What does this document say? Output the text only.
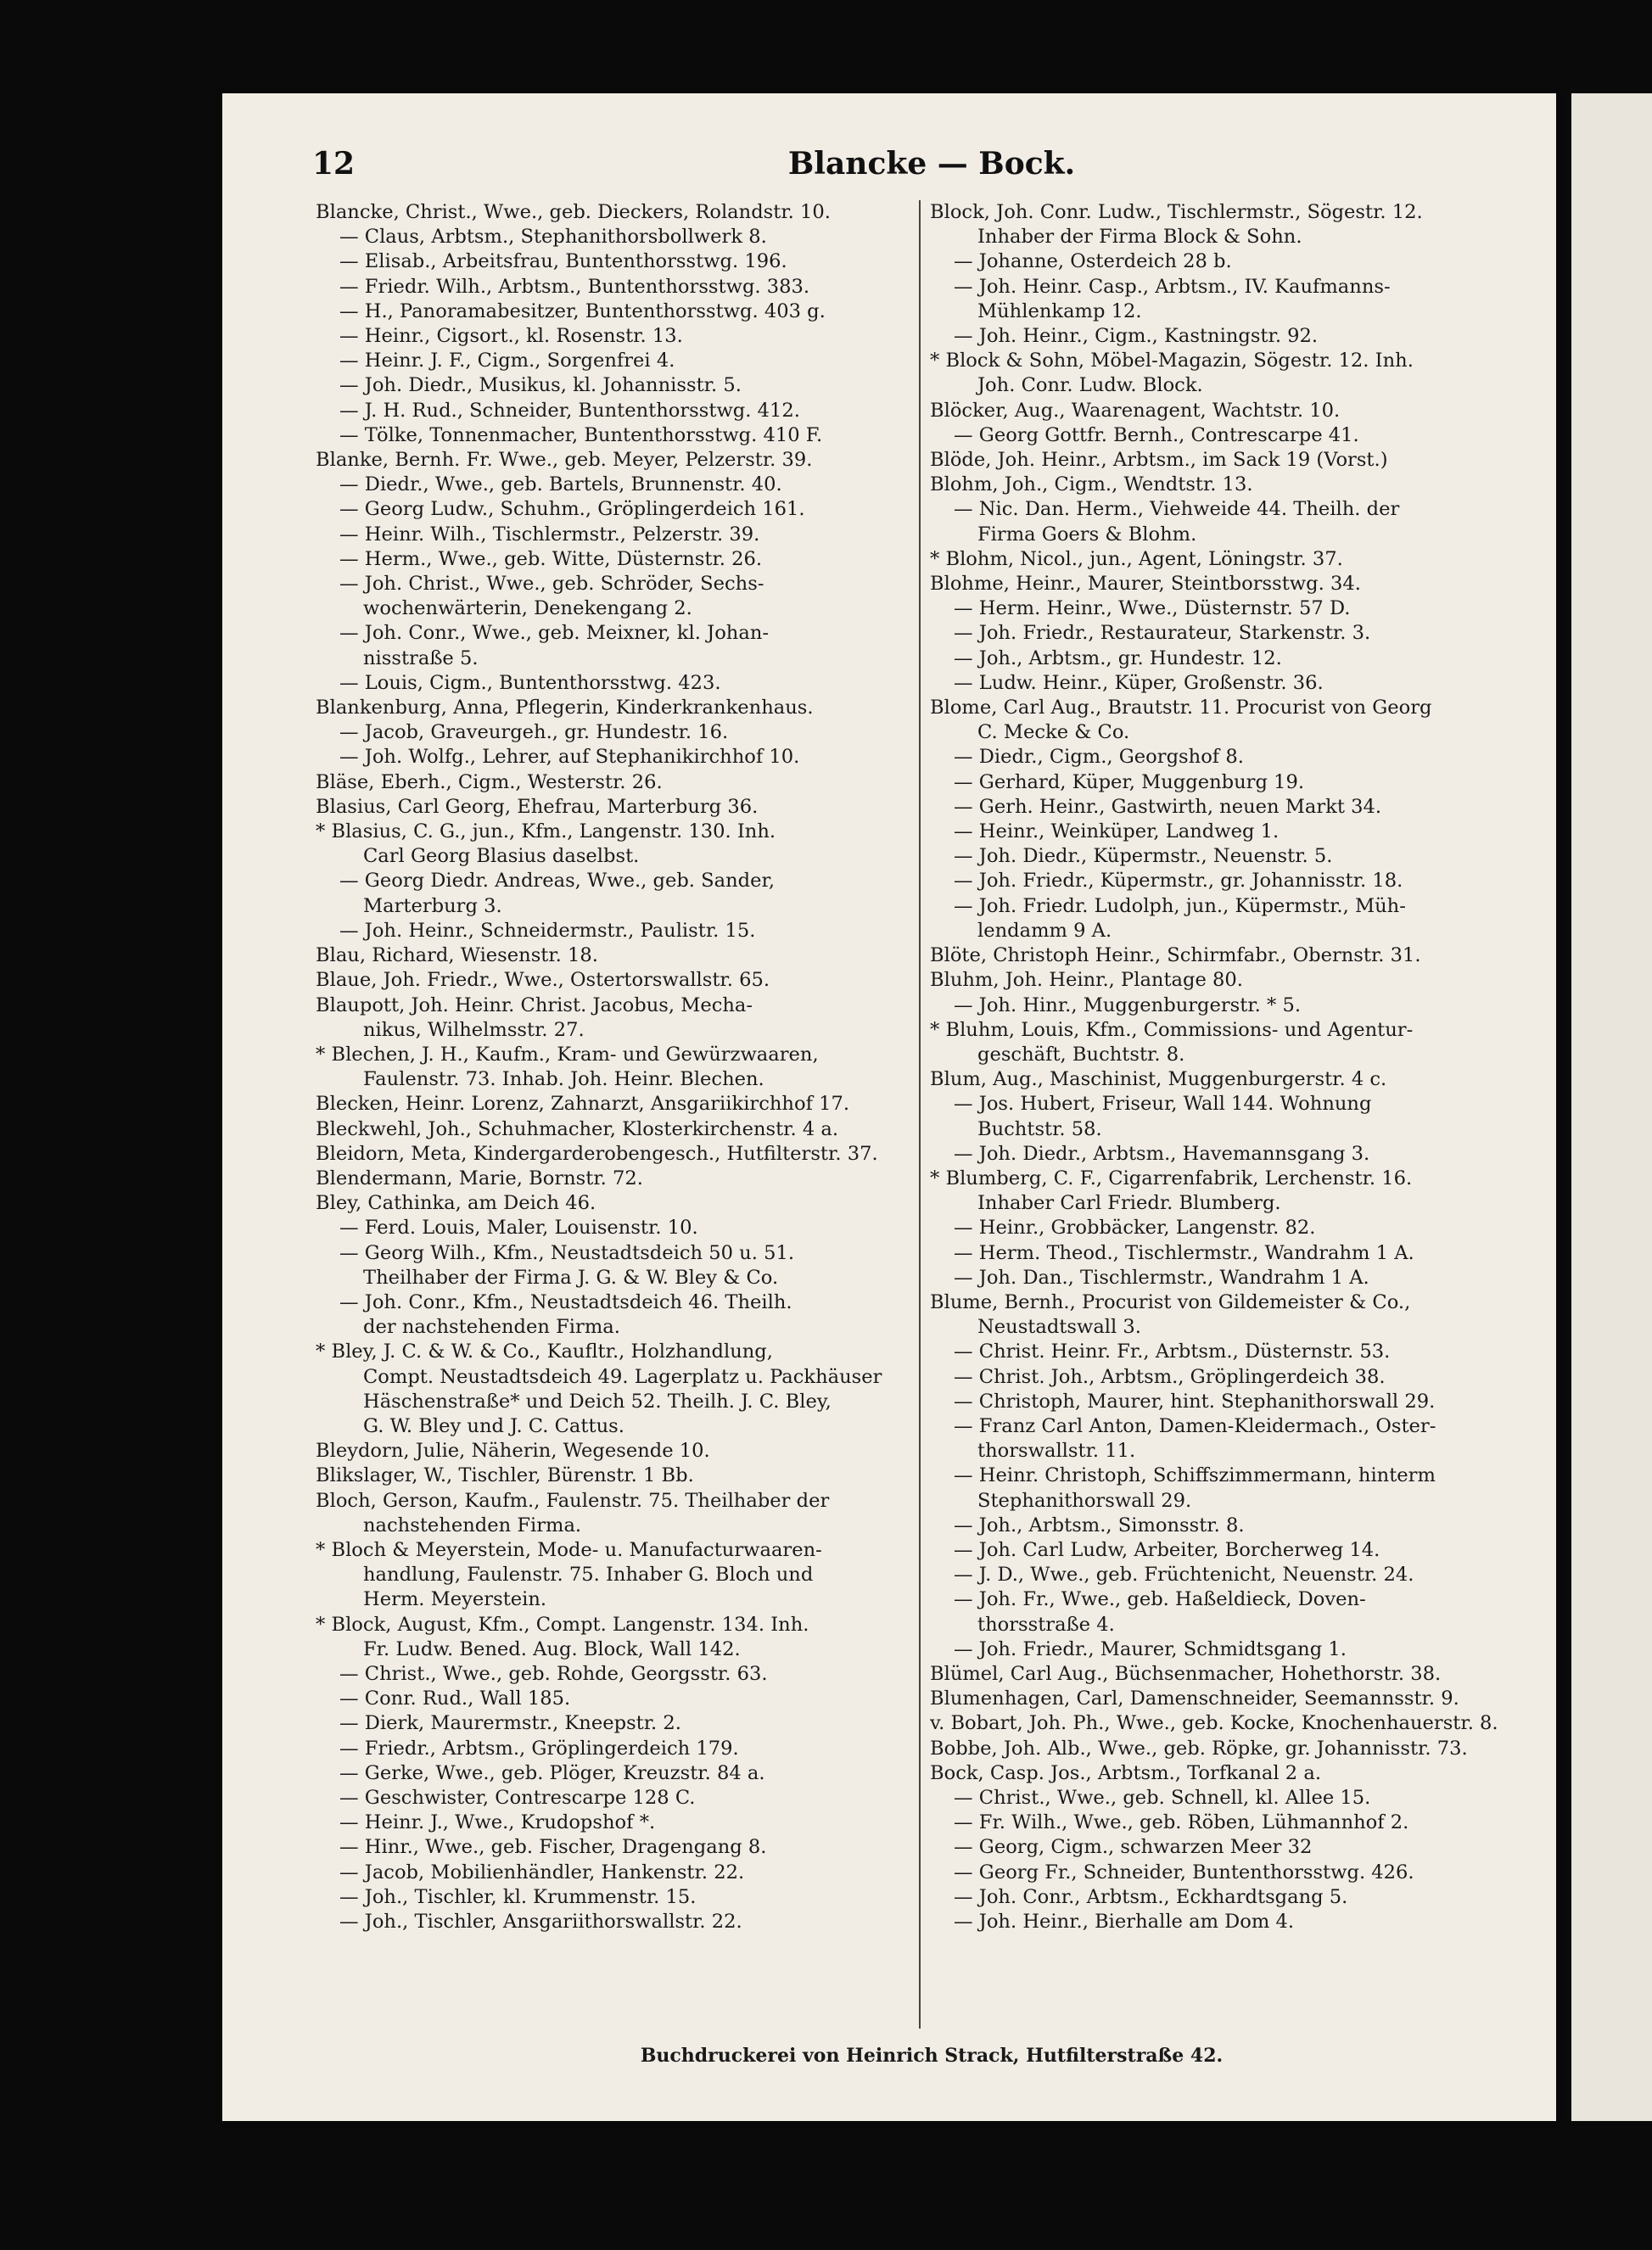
12	Blancke — Bock.
Blancke, Christ., Wwe., geb. Dieckers, Rolandstr. 10.
— Claus, Arbtsm., Stephanithorsbollwerk 8.
— Elisab., Arbeitsfrau, Buntenthorsstwg. 196.
— Friedr. Wilh., Arbtsm., Buntenthorsstwg. 383.
— H., Panoramabesitzer, Buntenthorsstwg. 403 g.
— Heinr., Cigsort., kl. Rosenstr. 13.
— Heinr. J. F., Cigm., Sorgenfrei 4.
— Joh. Diedr., Musikus, kl. Johannisstr. 5.
— J. H. Rud., Schneider, Buntenthorsstwg. 412.
— Tölke, Tonnenmacher, Buntenthorsstwg. 410 F.
Blanke, Bernh. Fr. Wwe., geb. Meyer, Pelzerstr. 39.
— Diedr., Wwe., geb. Bartels, Brunnenstr. 40.
— Georg Ludw., Schuhm., Gröplingerdeich 161.
— Heinr. Wilh., Tischlermstr., Pelzerstr. 39.
— Herm., Wwe., geb. Witte, Düsternstr. 26.
— Joh. Christ., Wwe., geb. Schröder, Sechs-
wochenwärterin, Denekengang 2.
— Joh. Conr., Wwe., geb. Meixner, kl. Johan-
nisstraße 5.
— Louis, Cigm., Buntenthorsstwg. 423.
Blankenburg, Anna, Pflegerin, Kinderkrankenhaus.
— Jacob, Graveurgeh., gr. Hundestr. 16.
— Joh. Wolfg., Lehrer, auf Stephanikirchhof 10.
Bläse, Eberh., Cigm., Westerstr. 26.
Blasius, Carl Georg, Ehefrau, Marterburg 36.
* Blasius, C. G., jun., Kfm., Langenstr. 130. Inh.
Carl Georg Blasius daselbst.
— Georg Diedr. Andreas, Wwe., geb. Sander,
Marterburg 3.
— Joh. Heinr., Schneidermstr., Paulistr. 15.
Blau, Richard, Wiesenstr. 18.
Blaue, Joh. Friedr., Wwe., Ostertorswallstr. 65.
Blaupott, Joh. Heinr. Christ. Jacobus, Mecha-
nikus, Wilhelmsstr. 27.
* Blechen, J. H., Kaufm., Kram- und Gewürzwaaren,
Faulenstr. 73. Inhab. Joh. Heinr. Blechen.
Blecken, Heinr. Lorenz, Zahnarzt, Ansgariikirchhof 17.
Bleckwehl, Joh., Schuhmacher, Klosterkirchenstr. 4 a.
Bleidorn, Meta, Kindergarderobengesch., Hutfilterstr. 37.
Blendermann, Marie, Bornstr. 72.
Bley, Cathinka, am Deich 46.
— Ferd. Louis, Maler, Louisenstr. 10.
— Georg Wilh., Kfm., Neustadtsdeich 50 u. 51.
Theilhaber der Firma J. G. & W. Bley & Co.
— Joh. Conr., Kfm., Neustadtsdeich 46. Theilh.
der nachstehenden Firma.
* Bley, J. C. & W. & Co., Kaufltr., Holzhandlung,
Compt. Neustadtsdeich 49. Lagerplatz u. Packhäuser
Häschenstraße* und Deich 52. Theilh. J. C. Bley,
G. W. Bley und J. C. Cattus.
Bleydorn, Julie, Näherin, Wegesende 10.
Blikslager, W., Tischler, Bürenstr. 1 Bb.
Bloch, Gerson, Kaufm., Faulenstr. 75. Theilhaber der
nachstehenden Firma.
* Bloch & Meyerstein, Mode- u. Manufacturwaaren-
handlung, Faulenstr. 75. Inhaber G. Bloch und
Herm. Meyerstein.
* Block, August, Kfm., Compt. Langenstr. 134. Inh.
Fr. Ludw. Bened. Aug. Block, Wall 142.
— Christ., Wwe., geb. Rohde, Georgsstr. 63.
— Conr. Rud., Wall 185.
— Dierk, Maurermstr., Kneepstr. 2.
— Friedr., Arbtsm., Gröplingerdeich 179.
— Gerke, Wwe., geb. Plöger, Kreuzstr. 84 a.
— Geschwister, Contrescarpe 128 C.
— Heinr. J., Wwe., Krudopshof *.
— Hinr., Wwe., geb. Fischer, Dragengang 8.
— Jacob, Mobilienhändler, Hankenstr. 22.
— Joh., Tischler, kl. Krummenstr. 15.
— Joh., Tischler, Ansgariithorswallstr. 22.
Block, Joh. Conr. Ludw., Tischlermstr., Sögestr. 12.
Inhaber der Firma Block & Sohn.
— Johanne, Osterdeich 28 b.
— Joh. Heinr. Casp., Arbtsm., IV. Kaufmanns-
Mühlenkamp 12.
— Joh. Heinr., Cigm., Kastningstr. 92.
* Block & Sohn, Möbel-Magazin, Sögestr. 12. Inh.
Joh. Conr. Ludw. Block.
Blöcker, Aug., Waarenagent, Wachtstr. 10.
— Georg Gottfr. Bernh., Contrescarpe 41.
Blöde, Joh. Heinr., Arbtsm., im Sack 19 (Vorst.)
Blohm, Joh., Cigm., Wendtstr. 13.
— Nic. Dan. Herm., Viehweide 44. Theilh. der
Firma Goers & Blohm.
* Blohm, Nicol., jun., Agent, Löningstr. 37.
Blohme, Heinr., Maurer, Steintborsstwg. 34.
— Herm. Heinr., Wwe., Düsternstr. 57 D.
— Joh. Friedr., Restaurateur, Starkenstr. 3.
— Joh., Arbtsm., gr. Hundestr. 12.
— Ludw. Heinr., Küper, Großenstr. 36.
Blome, Carl Aug., Brautstr. 11. Procurist von Georg
C. Mecke & Co.
— Diedr., Cigm., Georgshof 8.
— Gerhard, Küper, Muggenburg 19.
— Gerh. Heinr., Gastwirth, neuen Markt 34.
— Heinr., Weinküper, Landweg 1.
— Joh. Diedr., Küpermstr., Neuenstr. 5.
— Joh. Friedr., Küpermstr., gr. Johannisstr. 18.
— Joh. Friedr. Ludolph, jun., Küpermstr., Müh-
lendamm 9 A.
Blöte, Christoph Heinr., Schirmfabr., Obernstr. 31.
Bluhm, Joh. Heinr., Plantage 80.
— Joh. Hinr., Muggenburgerstr. * 5.
* Bluhm, Louis, Kfm., Commissions- und Agentur-
geschäft, Buchtstr. 8.
Blum, Aug., Maschinist, Muggenburgerstr. 4 c.
— Jos. Hubert, Friseur, Wall 144. Wohnung
Buchtstr. 58.
— Joh. Diedr., Arbtsm., Havemannsgang 3.
* Blumberg, C. F., Cigarrenfabrik, Lerchenstr. 16.
Inhaber Carl Friedr. Blumberg.
— Heinr., Grobbäcker, Langenstr. 82.
— Herm. Theod., Tischlermstr., Wandrahm 1 A.
— Joh. Dan., Tischlermstr., Wandrahm 1 A.
Blume, Bernh., Procurist von Gildemeister & Co.,
Neustadtswall 3.
— Christ. Heinr. Fr., Arbtsm., Düsternstr. 53.
— Christ. Joh., Arbtsm., Gröplingerdeich 38.
— Christoph, Maurer, hint. Stephanithorswall 29.
— Franz Carl Anton, Damen-Kleidermach., Oster-
thorswallstr. 11.
— Heinr. Christoph, Schiffszimmermann, hinterm
Stephanithorswall 29.
— Joh., Arbtsm., Simonsstr. 8.
— Joh. Carl Ludw, Arbeiter, Borcherweg 14.
— J. D., Wwe., geb. Früchtenicht, Neuenstr. 24.
— Joh. Fr., Wwe., geb. Haßeldieck, Doven-
thorsstraße 4.
— Joh. Friedr., Maurer, Schmidtsgang 1.
Blümel, Carl Aug., Büchsenmacher, Hohethorstr. 38.
Blumenhagen, Carl, Damenschneider, Seemannsstr. 9.
v. Bobart, Joh. Ph., Wwe., geb. Kocke, Knochenhauerstr. 8.
Bobbe, Joh. Alb., Wwe., geb. Röpke, gr. Johannisstr. 73.
Bock, Casp. Jos., Arbtsm., Torfkanal 2 a.
— Christ., Wwe., geb. Schnell, kl. Allee 15.
— Fr. Wilh., Wwe., geb. Röben, Lühmannhof 2.
— Georg, Cigm., schwarzen Meer 32
— Georg Fr., Schneider, Buntenthorsstwg. 426.
— Joh. Conr., Arbtsm., Eckhardtsgang 5.
— Joh. Heinr., Bierhalle am Dom 4.
Buchdruckerei von Heinrich Strack, Hutfilterstraße 42.
